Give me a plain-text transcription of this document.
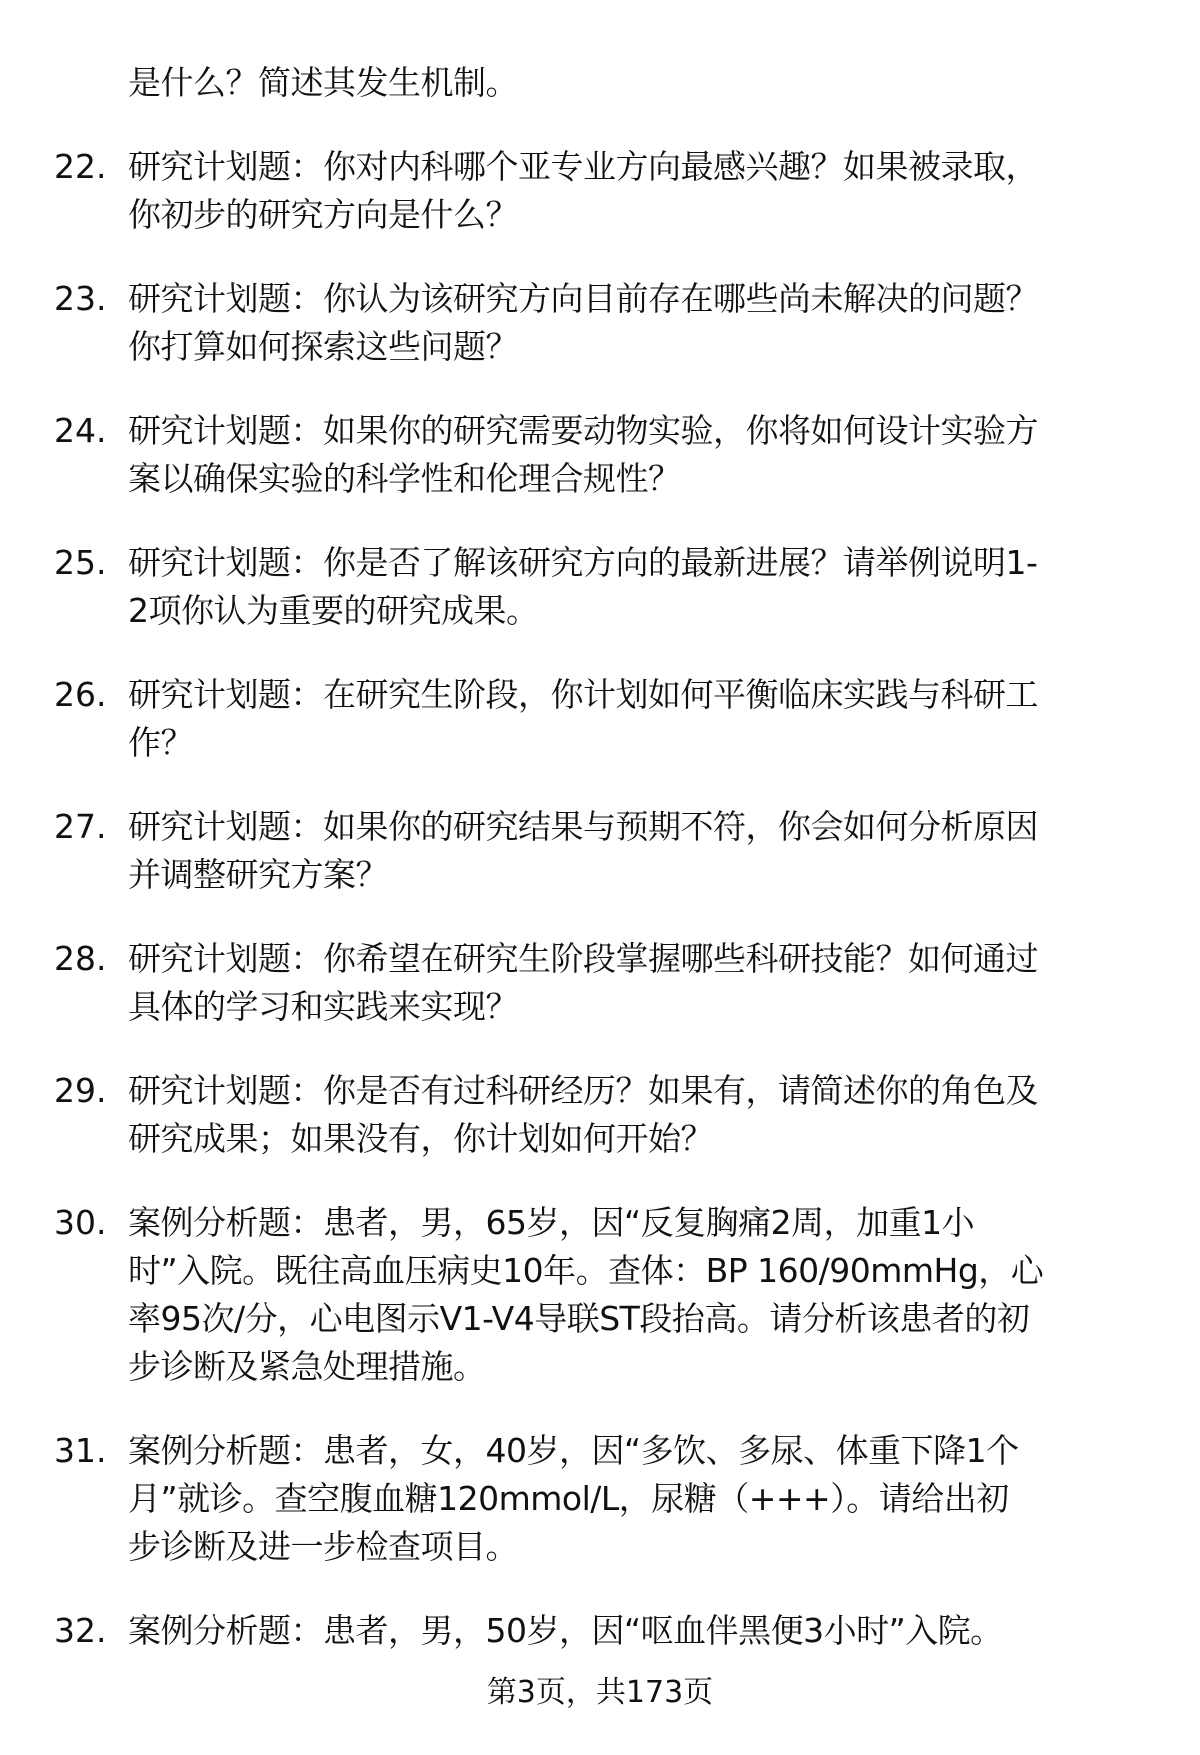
是什么？简述其发生机制。
22. 研究计划题：你对内科哪个亚专业方向最感兴趣？如果被录取，
你初步的研究方向是什么？
23. 研究计划题：你认为该研究方向目前存在哪些尚未解决的问题？
你打算如何探索这些问题？
24. 研究计划题：如果你的研究需要动物实验，你将如何设计实验方
案以确保实验的科学性和伦理合规性？
25. 研究计划题：你是否了解该研究方向的最新进展？请举例说明1-
2项你认为重要的研究成果。
26. 研究计划题：在研究生阶段，你计划如何平衡临床实践与科研工
作？
27. 研究计划题：如果你的研究结果与预期不符，你会如何分析原因
并调整研究方案？
28. 研究计划题：你希望在研究生阶段掌握哪些科研技能？如何通过
具体的学习和实践来实现？
29. 研究计划题：你是否有过科研经历？如果有，请简述你的角色及
研究成果；如果没有，你计划如何开始？
30. 案例分析题：患者，男，65岁，因“反复胸痛2周，加重1小
时”入院。既往高血压病史10年。查体：BP 160/90mmHg，心
率95次/分，心电图示V1-V4导联ST段抬高。请分析该患者的初
步诊断及紧急处理措施。
31. 案例分析题：患者，女，40岁，因“多饮、多尿、体重下降1个
月”就诊。查空腹血糖120mmol/L，尿糖（+++）。请给出初
步诊断及进一步检查项目。
32. 案例分析题：患者，男，50岁，因“呕血伴黑便3小时”入院。
第3页，共173页
